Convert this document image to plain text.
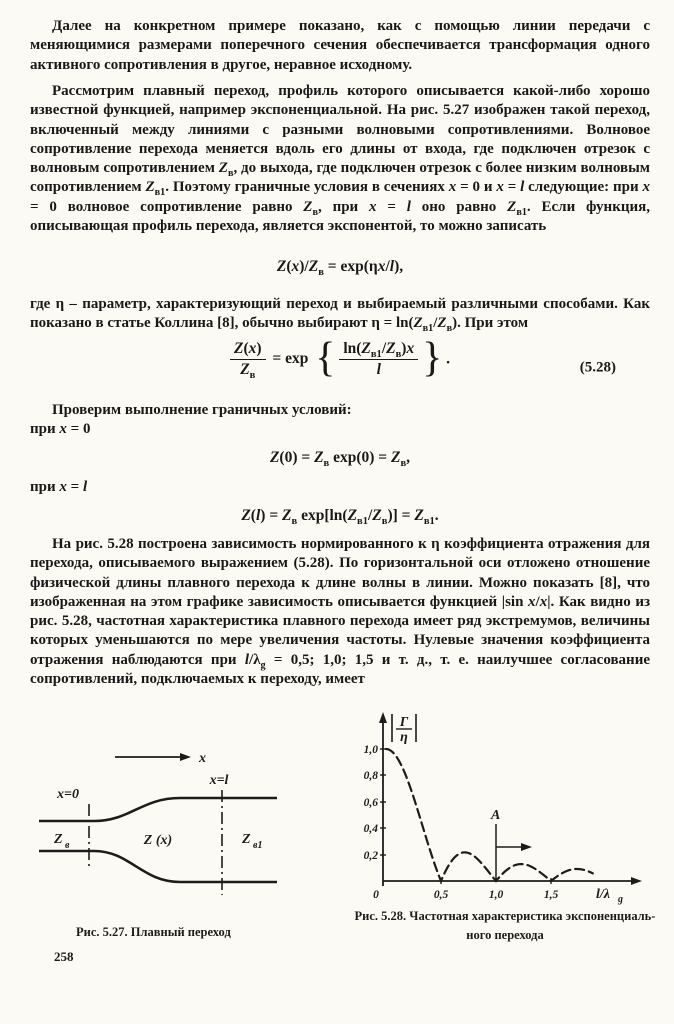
Далее на конкретном примере показано, как с помощью линии передачи с меняющимися размерами поперечного сечения обеспечивается трансформация одного активного сопротивления в другое, неравное исходному.

Рассмотрим плавный переход, профиль которого описывается какой-либо хорошо известной функцией, например экспоненциальной. На рис. 5.27 изображен такой переход, включенный между линиями с разными волновыми сопротивлениями. Волновое сопротивление перехода меняется вдоль его длины от входа, где подключен отрезок с волновым сопротивлением $Z_в$, до выхода, где подключен отрезок с более низким волновым сопротивлением $Z_{в1}$. Поэтому граничные условия в сечениях x = 0 и x = l следующие: при x = 0 волновое сопротивление равно $Z_в$, при x = l оно равно $Z_{в1}$. Если функция, описывающая профиль перехода, является экспонентой, то можно записать

$Z(x)/Z_в = \exp(\eta x/l)$,

где η – параметр, характеризующий переход и выбираемый различными способами. Как показано в статье Коллина [8], обычно выбирают $\eta = \ln(Z_{в1}/Z_в)$. При этом

$\frac{Z(x)}{Z_в} = \exp$ { $\frac{\ln(Z_{в1}/Z_в)x}{l}$ } .
(5.28)

Проверим выполнение граничных условий:

при x = 0

$Z(0) = Z_в$ $\exp(0) = Z_в$,

при x = l

$Z(l) = Z_в$ $\exp[\ln(Z_{в1}/Z_в)] = Z_{в1}$.

На рис. 5.28 построена зависимость нормированного к η коэффициента отражения для перехода, описываемого выражением (5.28). По горизонтальной оси отложено отношение физической длины плавного перехода к длине волны в линии. Можно показать [8], что изображенная на этом графике зависимость описывается функцией |sin x/x|. Как видно из рис. 5.28, частотная характеристика плавного перехода имеет ряд экстремумов, величины которых уменьшаются по мере увеличения частоты. Нулевые значения коэффициента отражения наблюдаются при $l/\lambda_g = 0,5$; 1,0; 1,5 и т. д., т. е. наилучшее согласование сопротивлений, подключаемых к переходу, имеет

x
x=0
x=l
Z в	Z (x)	Z в1
Рис. 5.27. Плавный переход
Γ
η
1,0
0,8
0,6
0,4
0,2
0	0,5	1,0	1,5	l/λ g
A
Рис. 5.28. Частотная характеристика экспоненциаль-
ного перехода
258
